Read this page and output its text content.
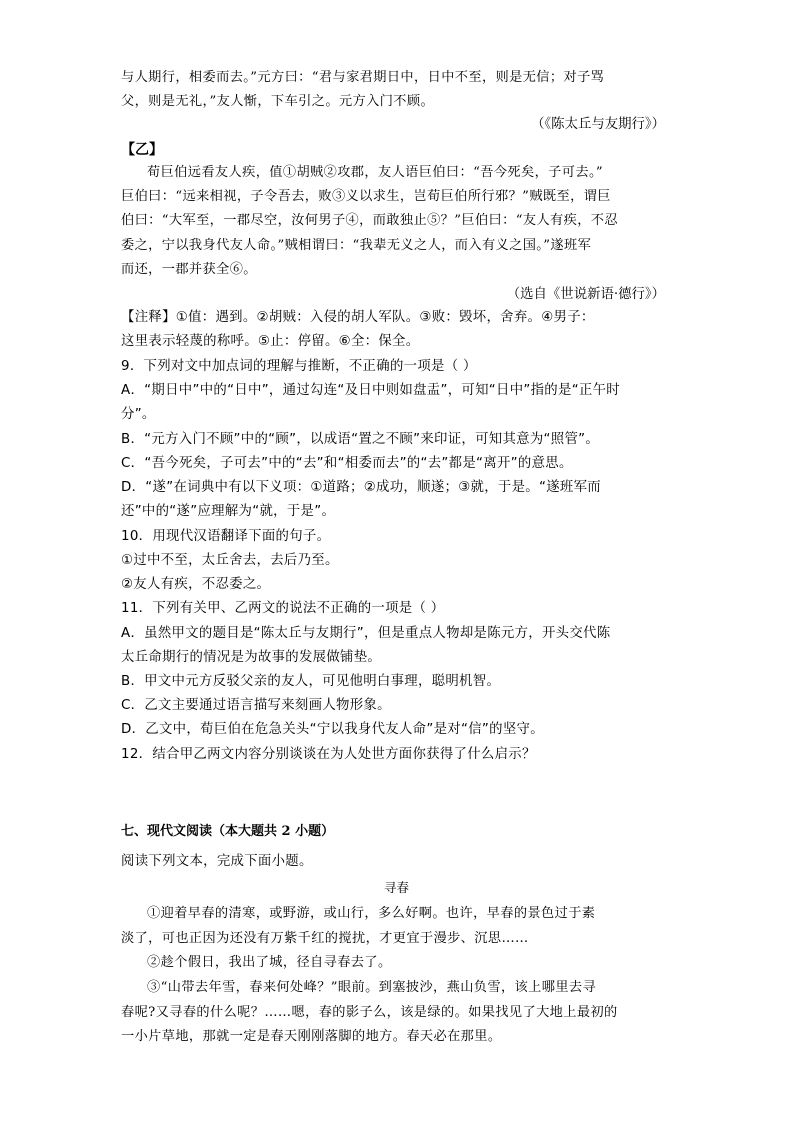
与人期行，相委而去。”元方曰：“君与家君期日中，日中不至，则是无信；对子骂
父，则是无礼，”友人惭，下车引之。元方入门不顾。
（《陈太丘与友期行》）
【乙】
荀巨伯远看友人疾，值①胡贼②攻郡，友人语巨伯曰：“吾今死矣，子可去。”
巨伯曰：“远来相视，子令吾去，败③义以求生，岂荀巨伯所行邪？”贼既至，谓巨
伯曰：“大军至，一郡尽空，汝何男子④，而敢独止⑤？”巨伯曰：“友人有疾，不忍
委之，宁以我身代友人命。”贼相谓曰：“我辈无义之人，而入有义之国。”遂班军
而还，一郡并获全⑥。
（选自《世说新语·德行》）
【注释】①值：遇到。②胡贼：入侵的胡人军队。③败：毁坏，舍弃。④男子：
这里表示轻蔑的称呼。⑤止：停留。⑥全：保全。
9．下列对文中加点词的理解与推断，不正确的一项是（ ）
A．“期日中”中的“日中”，通过勾连“及日中则如盘盂”，可知“日中”指的是“正午时
分”。
B．“元方入门不顾”中的“顾”，以成语“置之不顾”来印证，可知其意为“照管”。
C．“吾今死矣，子可去”中的“去”和“相委而去”的“去”都是“离开”的意思。
D．“遂”在词典中有以下义项：①道路；②成功，顺遂；③就，于是。“遂班军而
还”中的“遂”应理解为“就，于是”。
10．用现代汉语翻译下面的句子。
①过中不至，太丘舍去，去后乃至。
②友人有疾，不忍委之。
11．下列有关甲、乙两文的说法不正确的一项是（ ）
A．虽然甲文的题目是“陈太丘与友期行”，但是重点人物却是陈元方，开头交代陈
太丘命期行的情况是为故事的发展做铺垫。
B．甲文中元方反驳父亲的友人，可见他明白事理，聪明机智。
C．乙文主要通过语言描写来刻画人物形象。
D．乙文中，荀巨伯在危急关头“宁以我身代友人命”是对“信”的坚守。
12．结合甲乙两文内容分别谈谈在为人处世方面你获得了什么启示？
七、现代文阅读（本大题共 2 小题）
阅读下列文本，完成下面小题。
寻春
①迎着早春的清寒，或野游，或山行，多么好啊。也许，早春的景色过于素
淡了，可也正因为还没有万紫千红的搅扰，才更宜于漫步、沉思……
②趁个假日，我出了城，径自寻春去了。
③“山带去年雪，春来何处峰？”眼前。到塞披沙，燕山负雪，该上哪里去寻
春呢?又寻春的什么呢？……嗯，春的影子么，该是绿的。如果找见了大地上最初的
一小片草地，那就一定是春天刚刚落脚的地方。春天必在那里。
